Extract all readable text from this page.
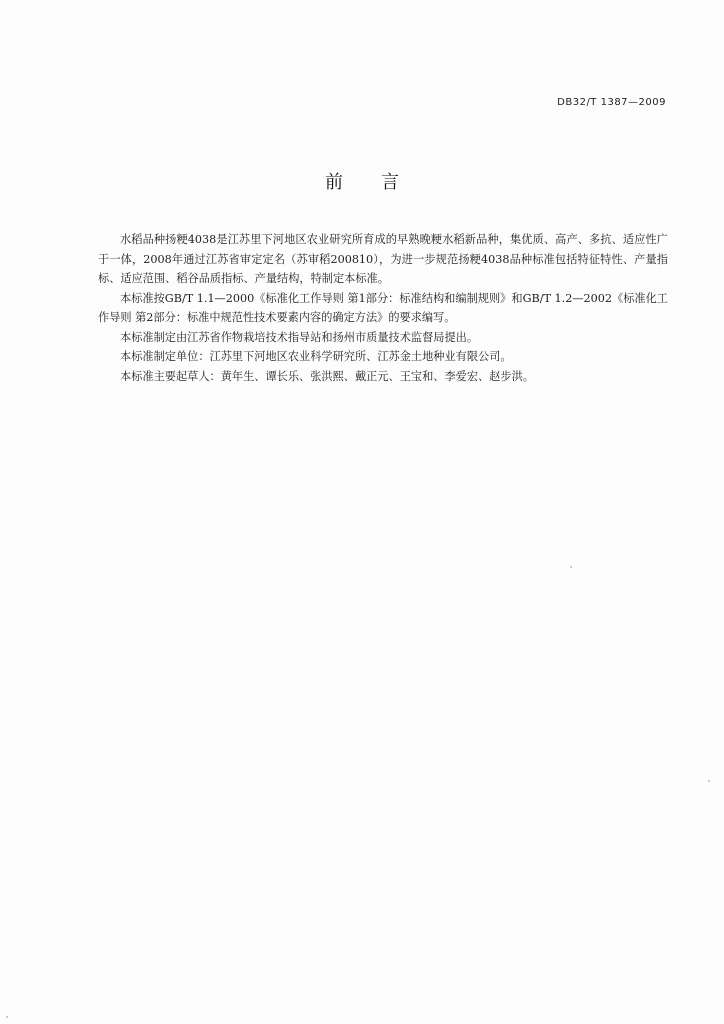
DB32/T 1387—2009
前言

水稻品种扬粳4038是江苏里下河地区农业研究所育成的早熟晚粳水稻新品种，集优质、高产、多抗、适应性广于一体，2008年通过江苏省审定定名（苏审稻200810），为进一步规范扬粳4038品种标准包括特征特性、产量指标、适应范围、稻谷品质指标、产量结构，特制定本标准。

本标准按GB/T 1.1—2000《标准化工作导则 第1部分：标准结构和编制规则》和GB/T 1.2—2002《标准化工作导则 第2部分：标准中规范性技术要素内容的确定方法》的要求编写。

本标准制定由江苏省作物栽培技术指导站和扬州市质量技术监督局提出。

本标准制定单位：江苏里下河地区农业科学研究所、江苏金土地种业有限公司。

本标准主要起草人：黄年生、谭长乐、张洪熙、戴正元、王宝和、李爱宏、赵步洪。
